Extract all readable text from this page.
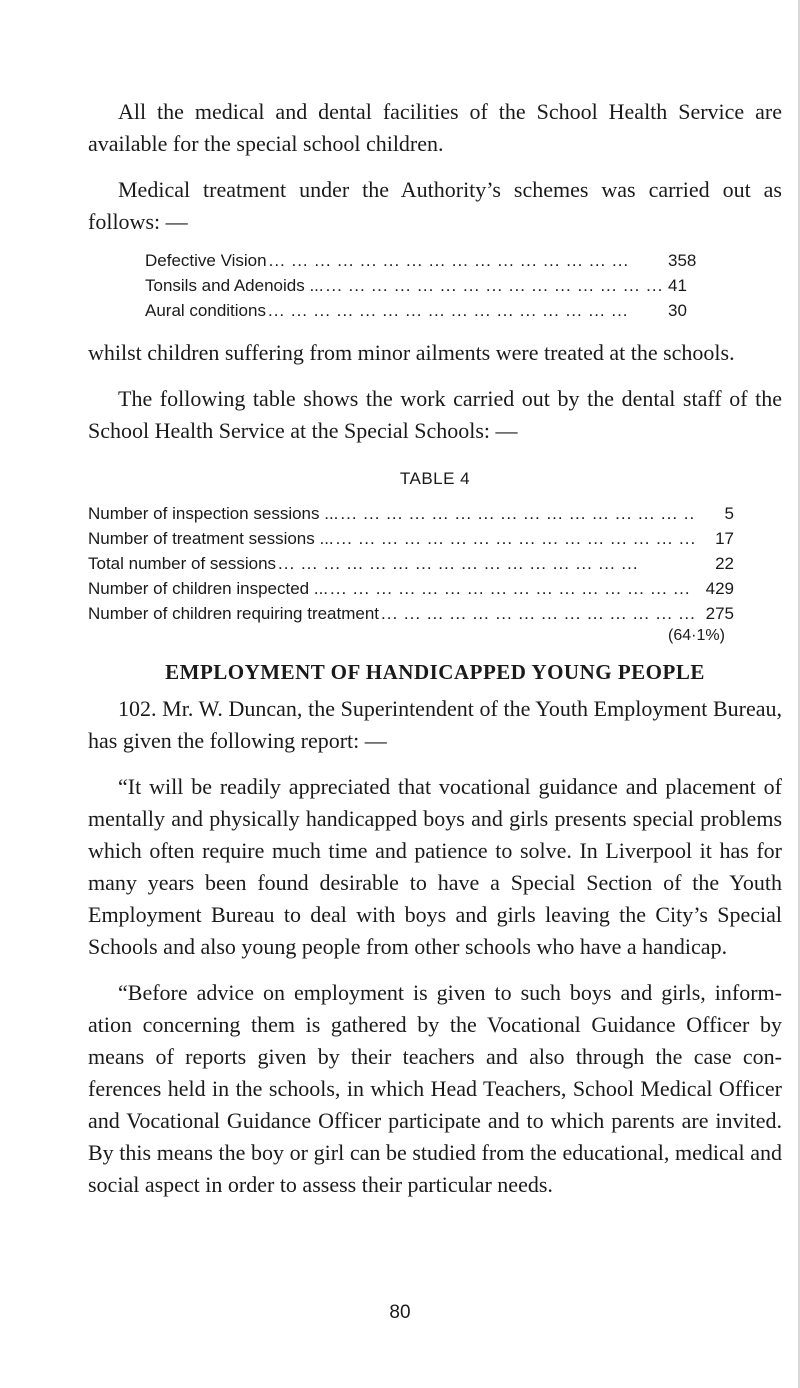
All the medical and dental facilities of the School Health Service are available for the special school children.

Medical treatment under the Authority’s schemes was carried out as follows: —

Defective Vision ... .	358
Tonsils and Adenoids ... ... .	41
Aural conditions ... .	30

whilst children suffering from minor ailments were treated at the schools.

The following table shows the work carried out by the dental staff of the School Health Service at the Special Schools: —

TABLE 4
Number of inspection sessions ... ... .	5
Number of treatment sessions ... ... .	17
Total number of sessions ... .	22
Number of children inspected ... ... .	429
Number of children requiring treatment ... .	275
(64·1%)
EMPLOYMENT OF HANDICAPPED YOUNG PEOPLE

102. Mr. W. Duncan, the Superintendent of the Youth Employment Bureau, has given the following report: —

“It will be readily appreciated that vocational guidance and placement of mentally and physically handicapped boys and girls presents special problems which often require much time and patience to solve. In Liverpool it has for many years been found desirable to have a Special Section of the Youth Employment Bureau to deal with boys and girls leaving the City’s Special Schools and also young people from other schools who have a handicap.

“Before advice on employment is given to such boys and girls, inform-ation concerning them is gathered by the Vocational Guidance Officer by means of reports given by their teachers and also through the case con-ferences held in the schools, in which Head Teachers, School Medical Officer and Vocational Guidance Officer participate and to which parents are invited. By this means the boy or girl can be studied from the educational, medical and social aspect in order to assess their particular needs.

80
